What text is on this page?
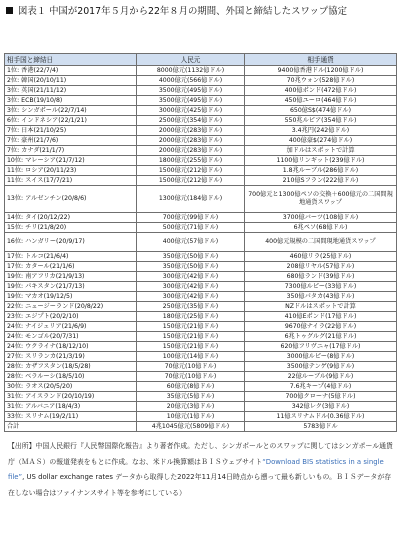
図表１ 中国が2017年５月から22年８月の期間、外国と締結したスワップ協定
相手国と締結日	人民元	相手通貨
1位: 香港(22/7/4)	8000億元(1132億ドル)	9400億香港ドル(1200億ドル)
2位: 韓国(20/10/11)	4000億元(566億ドル)	70兆ウォン(528億ドル)
3位: 英国(21/11/12)	3500億元(495億ドル)	400億ポンド(472億ドル)
3位: ECB(19/10/8)	3500億元(495億ドル)	450億ユーロ(464億ドル)
3位: シンガポール(22/7/14)	3000億元(425億ドル)	650億S$(474億ドル)
6位: インドネシア(22/1/21)	2500億元(354億ドル)	550兆ルピア(354億ドル)
7位: 日本(21/10/25)	2000億元(283億ドル)	3.4兆円(242億ドル)
7位: 豪州(21/7/6)	2000億元(283億ドル)	400億豪$(274億ドル)
7位: カナダ(21/1/7)	2000億元(283億ドル)	加ドルはスポットで計算
10位: マレーシア(21/7/12)	1800億元(255億ドル)	1100億リンギット(239億ドル)
11位: ロシア(20/11/23)	1500億元(212億ドル)	1.8兆ルーブル(286億ドル)
11位: スイス(17/7/21)	1500億元(212億ドル)	210億Sフラン(222億ドル)
13位: アルゼンチン(20/8/6)	1300億元(184億ドル)	700億元と1300億ペソの交換＋600億元の二国間規地通貨スワップ
14位: タイ(20/12/22)	700億元(99億ドル)	3700億バーツ(108億ドル)
15位: チリ(21/8/20)	500億元(71億ドル)	6兆ペソ(68億ドル)
16位: ハンガリー(20/9/17)	400億元(57億ドル)	400億元規模の二国間現地通貨スワップ
17位: トルコ(21/6/4)	350億元(50億ドル)	460億リラ(25億ドル)
17位: カタール(21/1/6)	350億元(50億ドル)	208億リヤル(57億ドル)
19位: 南アフリカ(21/9/13)	300億元(42億ドル)	680億ランド(39億ドル)
19位: パキスタン(21/7/13)	300億元(42億ドル)	7300億ルピー(33億ドル)
19位: マカオ(19/12/5)	300億元(42億ドル)	350億パタカ(43億ドル)
22位: ニュージーランド(20/8/22)	250億元(35億ドル)	NZドルはスポットで計算
23位: エジプト(20/2/10)	180億元(25億ドル)	410億Eポンド(17億ドル)
24位: ナイジェリア(21/6/9)	150億元(21億ドル)	9670億ナイラ(22億ドル)
24位: モンゴル(20/7/31)	150億元(21億ドル)	6兆トゥグルグ(21億ドル)
24位: ウクライナ(18/12/10)	150億元(21億ドル)	620億フリヴニャ(17億ドル)
27位: スリランカ(21/3/19)	100億元(14億ドル)	3000億ルピー(8億ドル)
28位: カザフスタン(18/5/28)	70億元(10億ドル)	3500億テンゲ(9億ドル)
28位: ベラルーシ(18/5/10)	70億元(10億ドル)	22億ルーブル(9億ドル)
30位: ラオス(20/5/20)	60億元(8億ドル)	7.6兆キープ(4億ドル)
31位: アイスランド(20/10/19)	35億元(5億ドル)	700億クローナ(5億ドル)
31位: アルバニア(18/4/3)	20億元(3億ドル)	342億レク(3億ドル)
33位: スリナム(19/2/11)	10億元(1億ドル)	11億スリナムドル(0.36億ドル)
合計	4兆1045億元(5809億ドル)	5783億ドル
【出所】中国人民銀行『人民幣国際化報告』より著者作成。ただし、シンガポールとのスワップに関してはシンガポール通貨庁（ＭＡＳ）の報道発表をもとに作成。なお、米ドル換算額はＢＩＳウェブサイト“Download BIS statistics in a single file”, US dollar exchange rates データから取得した2022年11月14日時点から遡って最も新しいもの。ＢＩＳデータが存在しない場合はファイナンスサイト等を参考にしている）
